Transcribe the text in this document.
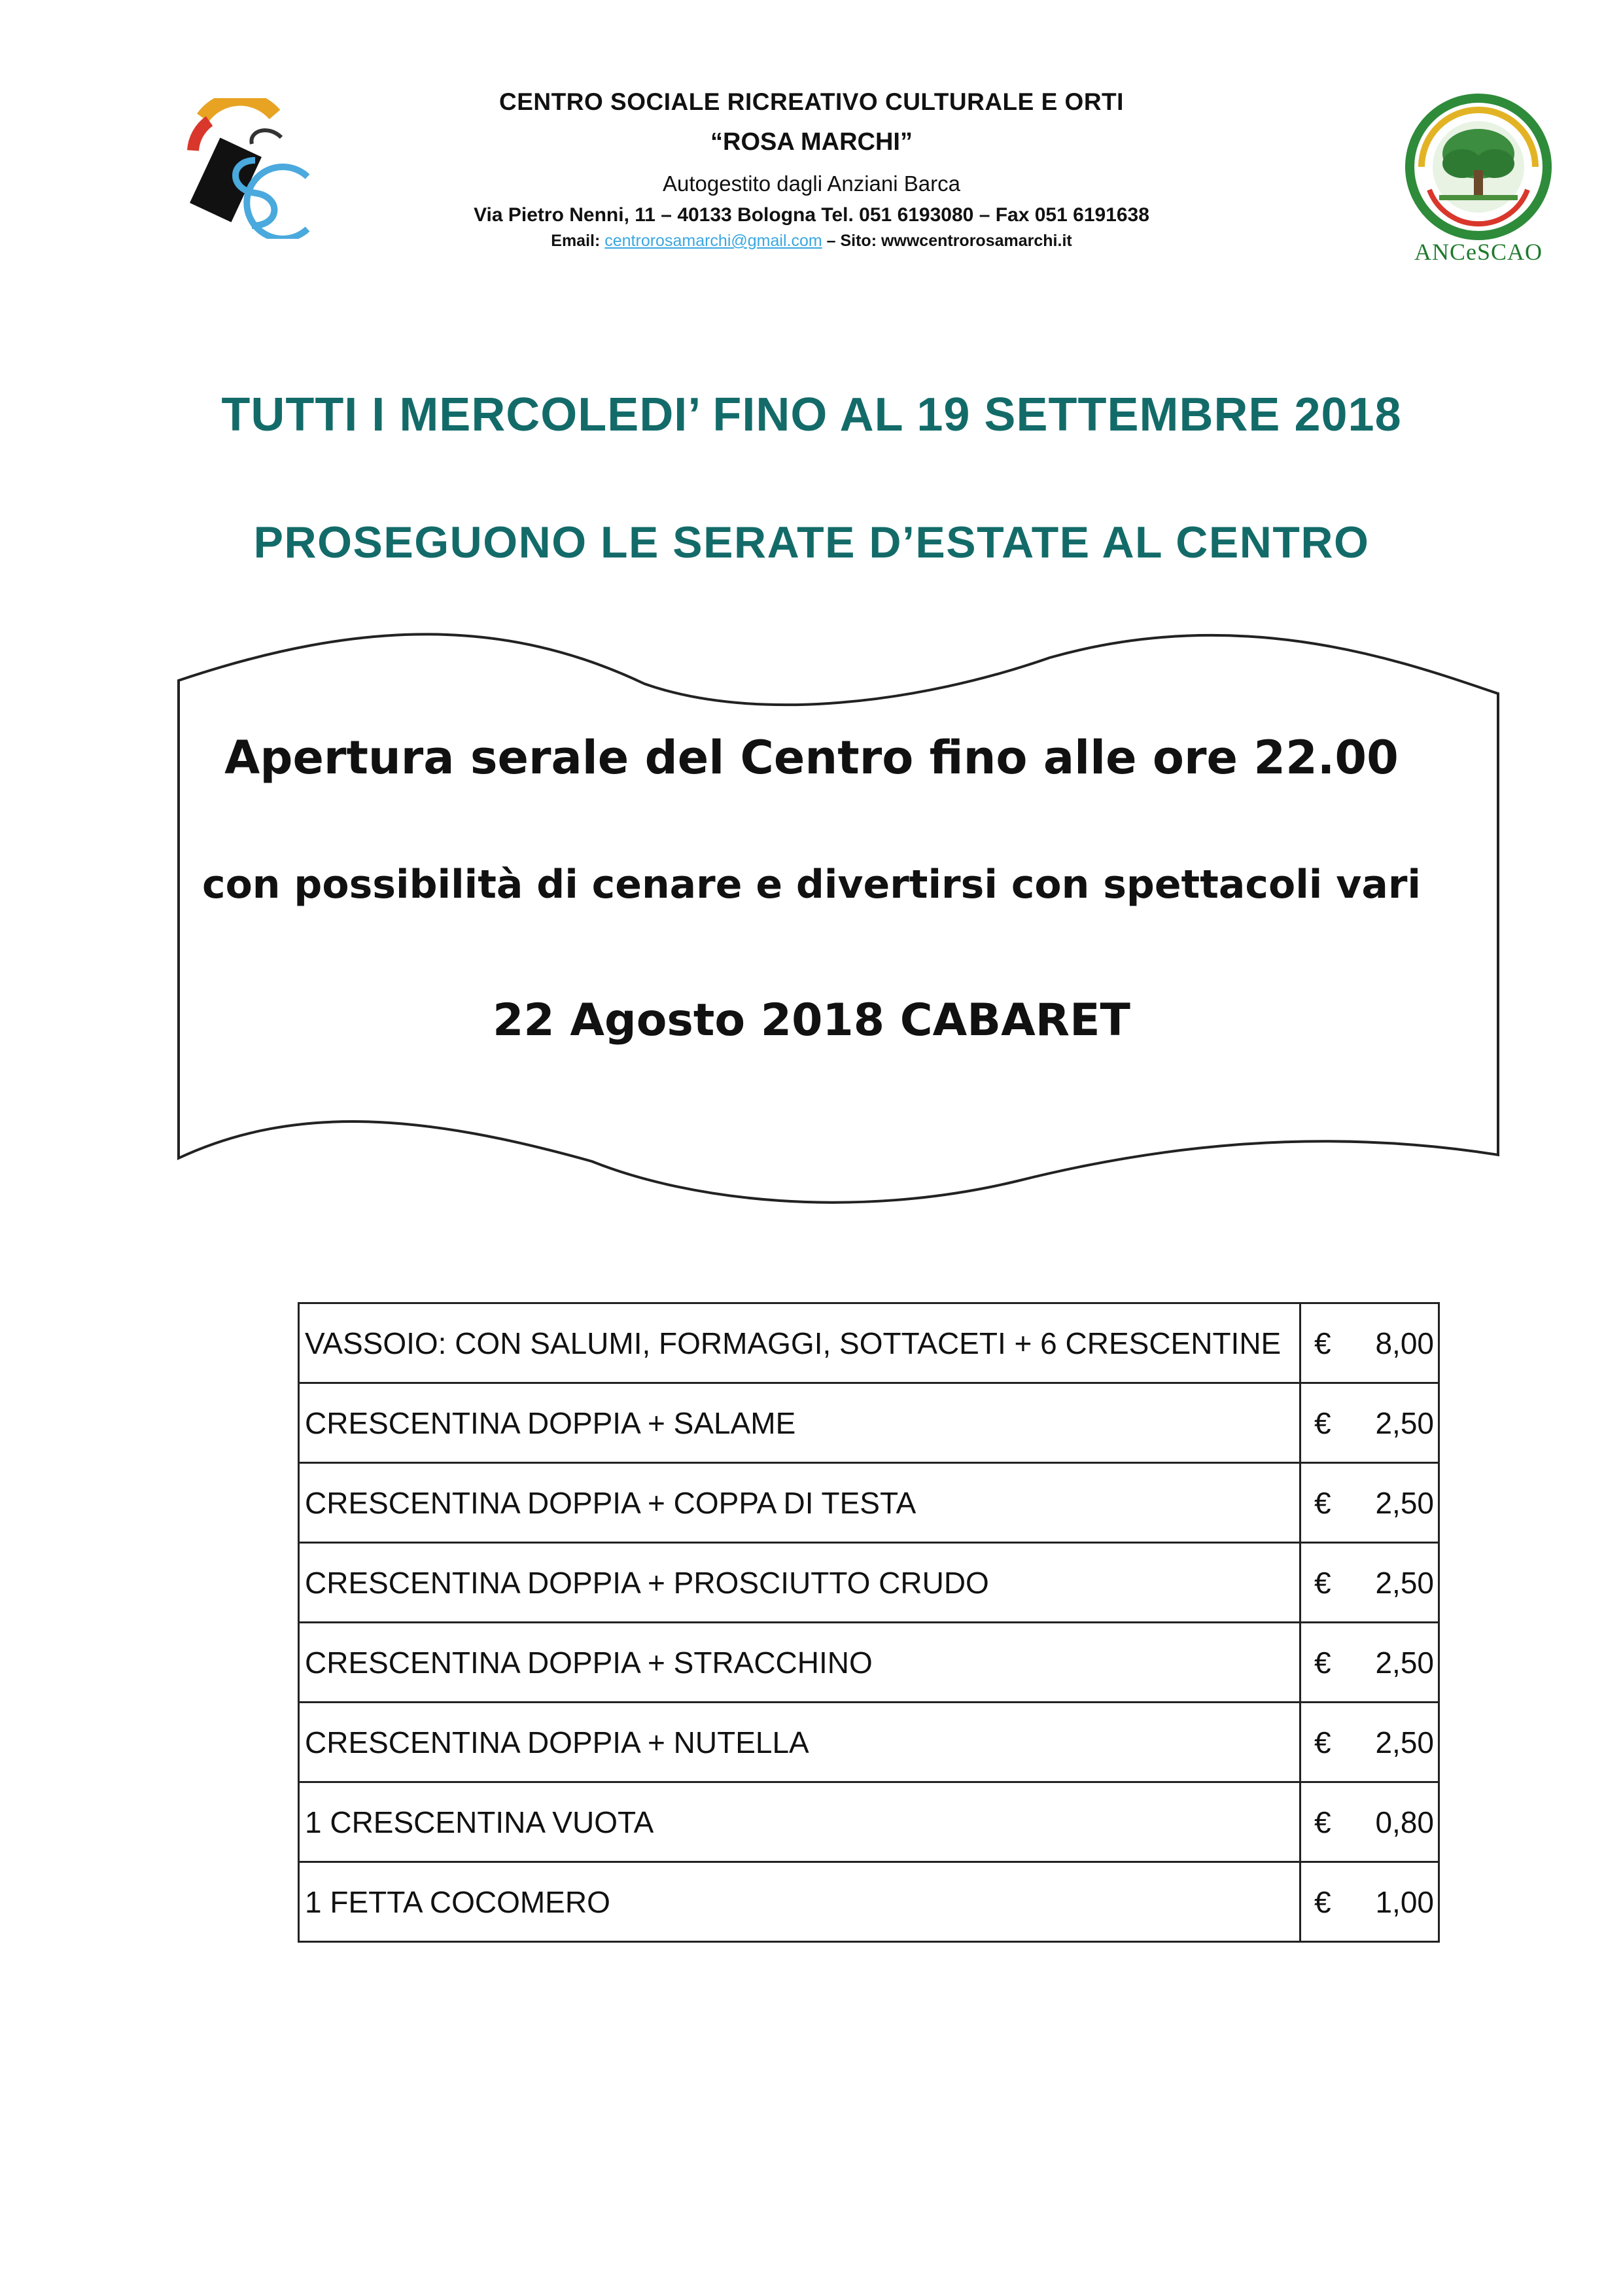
CENTRO SOCIALE RICREATIVO CULTURALE E ORTI
“ROSA MARCHI”
Autogestito dagli Anziani Barca
Via Pietro Nenni, 11 – 40133 Bologna Tel. 051 6193080 – Fax 051 6191638
Email: centrorosamarchi@gmail.com – Sito: wwwcentrorosamarchi.it	ANCeSCAO
TUTTI I MERCOLEDI’ FINO AL 19 SETTEMBRE 2018
PROSEGUONO LE SERATE D’ESTATE AL CENTRO
Apertura serale del Centro fino alle ore 22.00
con possibilità di cenare e divertirsi con spettacoli vari
22 Agosto 2018 CABARET
VASSOIO: CON SALUMI, FORMAGGI, SOTTACETI + 6 CRESCENTINE	€ 8,00

CRESCENTINA DOPPIA + SALAME	€ 2,50

CRESCENTINA DOPPIA + COPPA DI TESTA	€ 2,50

CRESCENTINA DOPPIA + PROSCIUTTO CRUDO	€ 2,50

CRESCENTINA DOPPIA + STRACCHINO	€ 2,50

CRESCENTINA DOPPIA + NUTELLA	€ 2,50

1 CRESCENTINA VUOTA	€ 0,80

1 FETTA COCOMERO	€ 1,00
